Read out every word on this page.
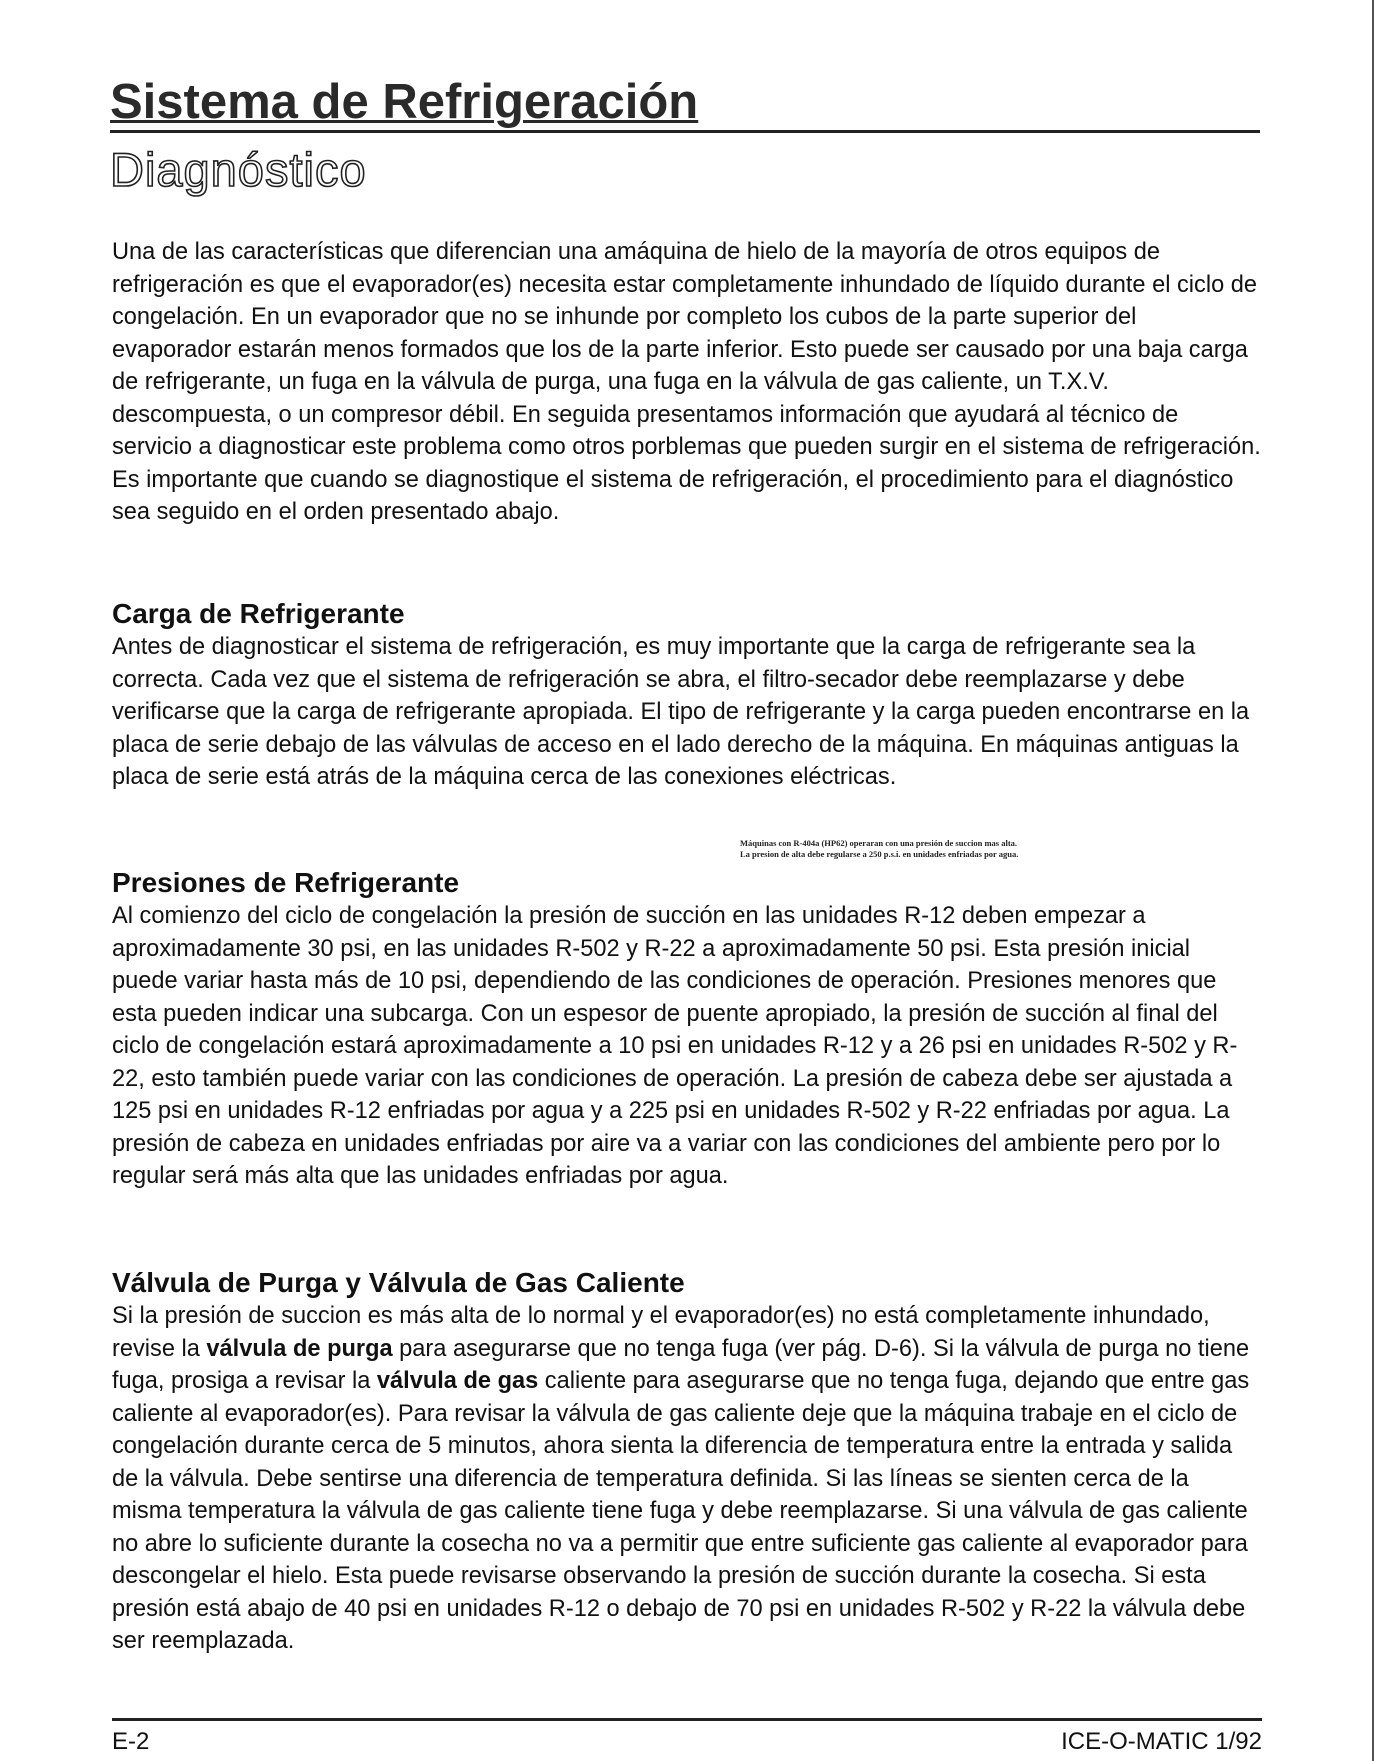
Sistema de Refrigeración
Diagnóstico

Una de las características que diferencian una amáquina de hielo de la mayoría de otros equipos de refrigeración es que el evaporador(es) necesita estar completamente inhundado de líquido durante el ciclo de congelación. En un evaporador que no se inhunde por completo los cubos de la parte superior del evaporador estarán menos formados que los de la parte inferior. Esto puede ser causado por una baja carga de refrigerante, un fuga en la válvula de purga, una fuga en la válvula de gas caliente, un T.X.V. descompuesta, o un compresor débil. En seguida presentamos información que ayudará al técnico de servicio a diagnosticar este problema como otros porblemas que pueden surgir en el sistema de refrigeración. Es importante que cuando se diagnostique el sistema de refrigeración, el procedimiento para el diagnóstico sea seguido en el orden presentado abajo.

Carga de Refrigerante

Antes de diagnosticar el sistema de refrigeración, es muy importante que la carga de refrigerante sea la correcta. Cada vez que el sistema de refrigeración se abra, el filtro-secador debe reemplazarse y debe verificarse que la carga de refrigerante apropiada. El tipo de refrigerante y la carga pueden encontrarse en la placa de serie debajo de las válvulas de acceso en el lado derecho de la máquina. En máquinas antiguas la placa de serie está atrás de la máquina cerca de las conexiones eléctricas.

Máquinas con R-404a (HP62) operaran con una presión de succion mas alta.
La presion de alta debe regularse a 250 p.s.i. en unidades enfriadas por agua.
Presiones de Refrigerante

Al comienzo del ciclo de congelación la presión de succión en las unidades R-12 deben empezar a aproximadamente 30 psi, en las unidades R-502 y R-22 a aproximadamente 50 psi. Esta presión inicial puede variar hasta más de 10 psi, dependiendo de las condiciones de operación. Presiones menores que esta pueden indicar una subcarga. Con un espesor de puente apropiado, la presión de succión al final del ciclo de congelación estará aproximadamente a 10 psi en unidades R-12 y a 26 psi en unidades R-502 y R-22, esto también puede variar con las condiciones de operación. La presión de cabeza debe ser ajustada a 125 psi en unidades R-12 enfriadas por agua y a 225 psi en unidades R-502 y R-22 enfriadas por agua. La presión de cabeza en unidades enfriadas por aire va a variar con las condiciones del ambiente pero por lo regular será más alta que las unidades enfriadas por agua.

Válvula de Purga y Válvula de Gas Caliente

Si la presión de succion es más alta de lo normal y el evaporador(es) no está completamente inhundado, revise la válvula de purga para asegurarse que no tenga fuga (ver pág. D-6). Si la válvula de purga no tiene fuga, prosiga a revisar la válvula de gas caliente para asegurarse que no tenga fuga, dejando que entre gas caliente al evaporador(es). Para revisar la válvula de gas caliente deje que la máquina trabaje en el ciclo de congelación durante cerca de 5 minutos, ahora sienta la diferencia de temperatura entre la entrada y salida de la válvula. Debe sentirse una diferencia de temperatura definida. Si las líneas se sienten cerca de la misma temperatura la válvula de gas caliente tiene fuga y debe reemplazarse. Si una válvula de gas caliente no abre lo suficiente durante la cosecha no va a permitir que entre suficiente gas caliente al evaporador para descongelar el hielo. Esta puede revisarse observando la presión de succión durante la cosecha. Si esta presión está abajo de 40 psi en unidades R-12 o debajo de 70 psi en unidades R-502 y R-22 la válvula debe ser reemplazada.

E-2	ICE-O-MATIC 1/92
